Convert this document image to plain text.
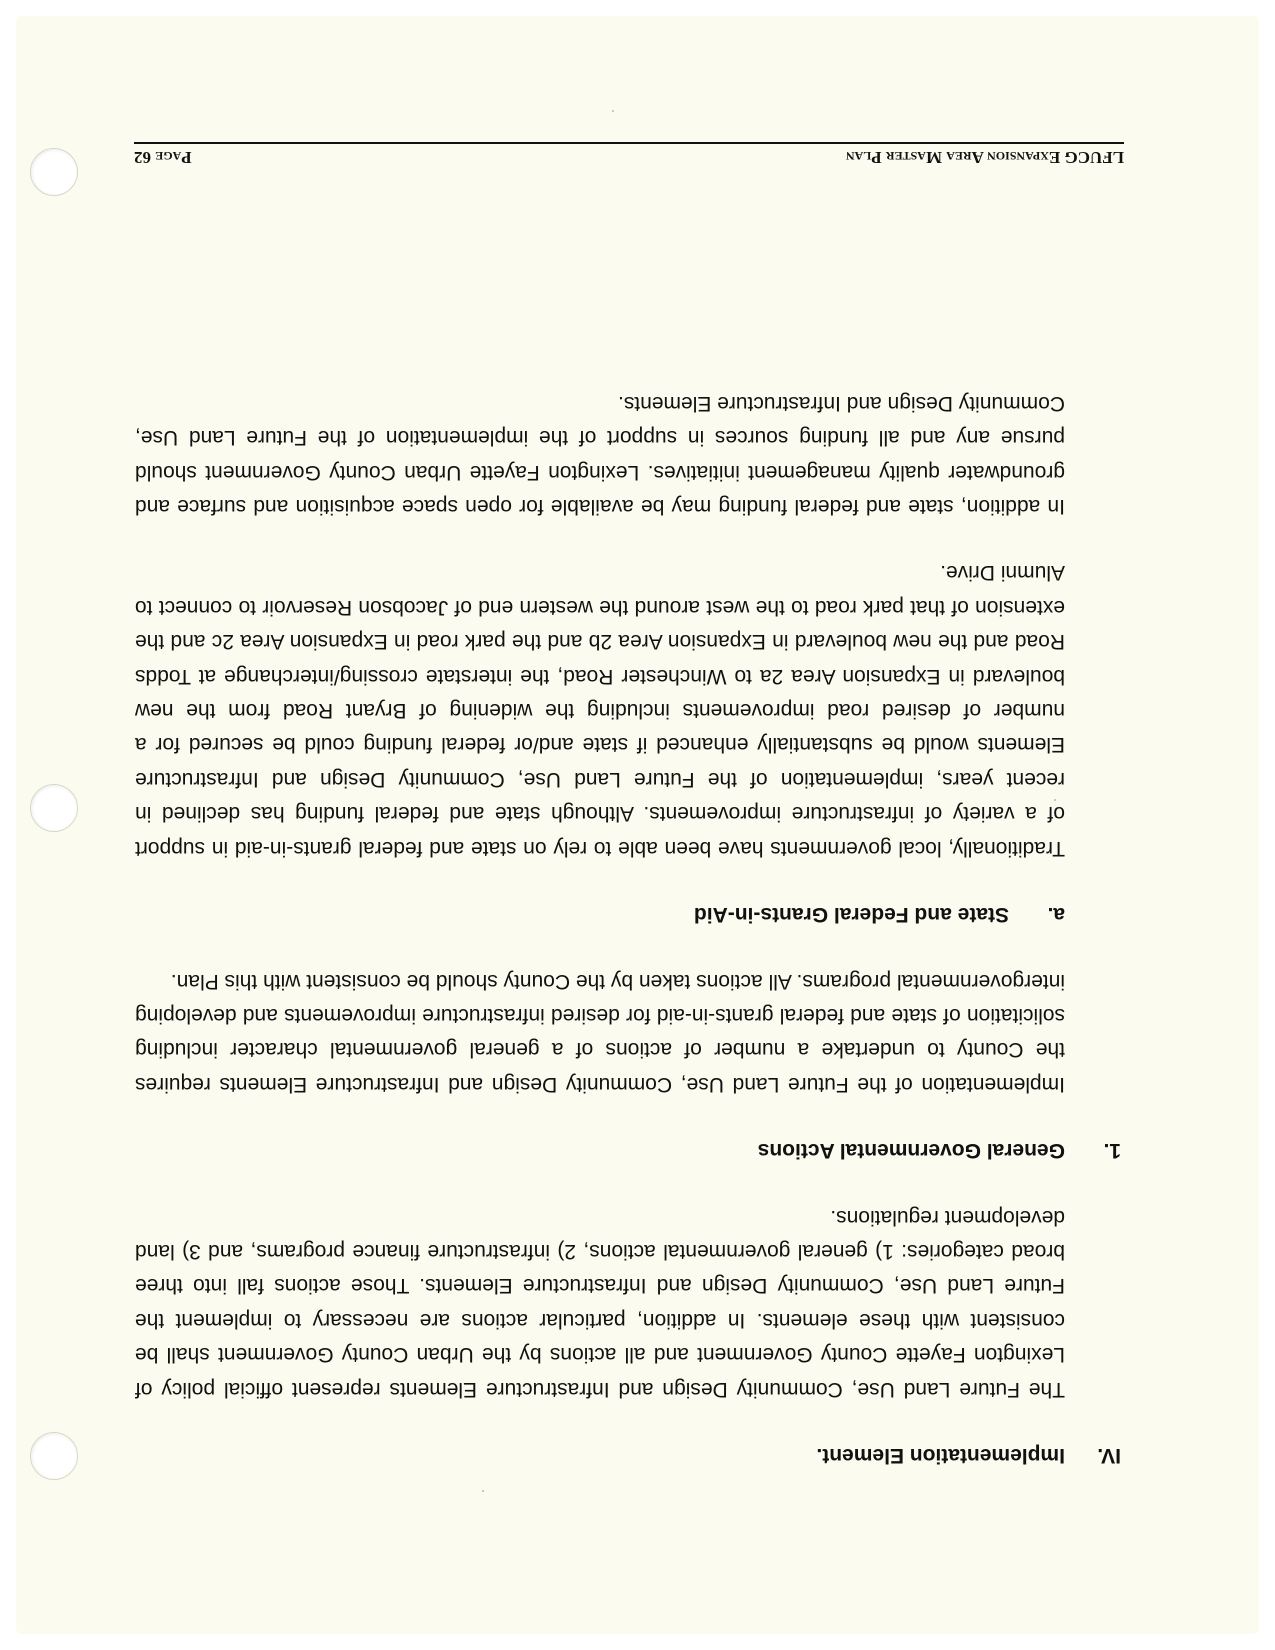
LFUCG Expansion Area Master Plan
Page 62
IV.Implementation Element.

The Future Land Use, Community Design and Infrastructure Elements represent official policy of Lexington Fayette County Government and all actions by the Urban County Government shall be consistent with these elements. In addition, particular actions are necessary to implement the Future Land Use, Community Design and Infrastructure Elements. Those actions fall into three broad categories: 1) general governmental actions, 2) infrastructure finance programs, and 3) land development regulations.

1.General Governmental Actions

Implementation of the Future Land Use, Community Design and Infrastructure Elements requires the County to undertake a number of actions of a general governmental character including solicitation of state and federal grants-in-aid for desired infrastructure improvements and developing intergovernmental programs. All actions taken by the County should be consistent with this Plan.

a.State and Federal Grants-in-Aid

Traditionally, local governments have been able to rely on state and federal grants-in-aid in support of a variety of infrastructure improvements. Although state and federal funding has declined in recent years, implementation of the Future Land Use, Community Design and Infrastructure Elements would be substantially enhanced if state and/or federal funding could be secured for a number of desired road improvements including the widening of Bryant Road from the new boulevard in Expansion Area 2a to Winchester Road, the interstate crossing/interchange at Todds Road and the new boulevard in Expansion Area 2b and the park road in Expansion Area 2c and the extension of that park road to the west around the western end of Jacobson Reservoir to connect to Alumni Drive.

In addition, state and federal funding may be available for open space acquisition and surface and groundwater quality management initiatives. Lexington Fayette Urban County Government should pursue any and all funding sources in support of the implementation of the Future Land Use, Community Design and Infrastructure Elements.
